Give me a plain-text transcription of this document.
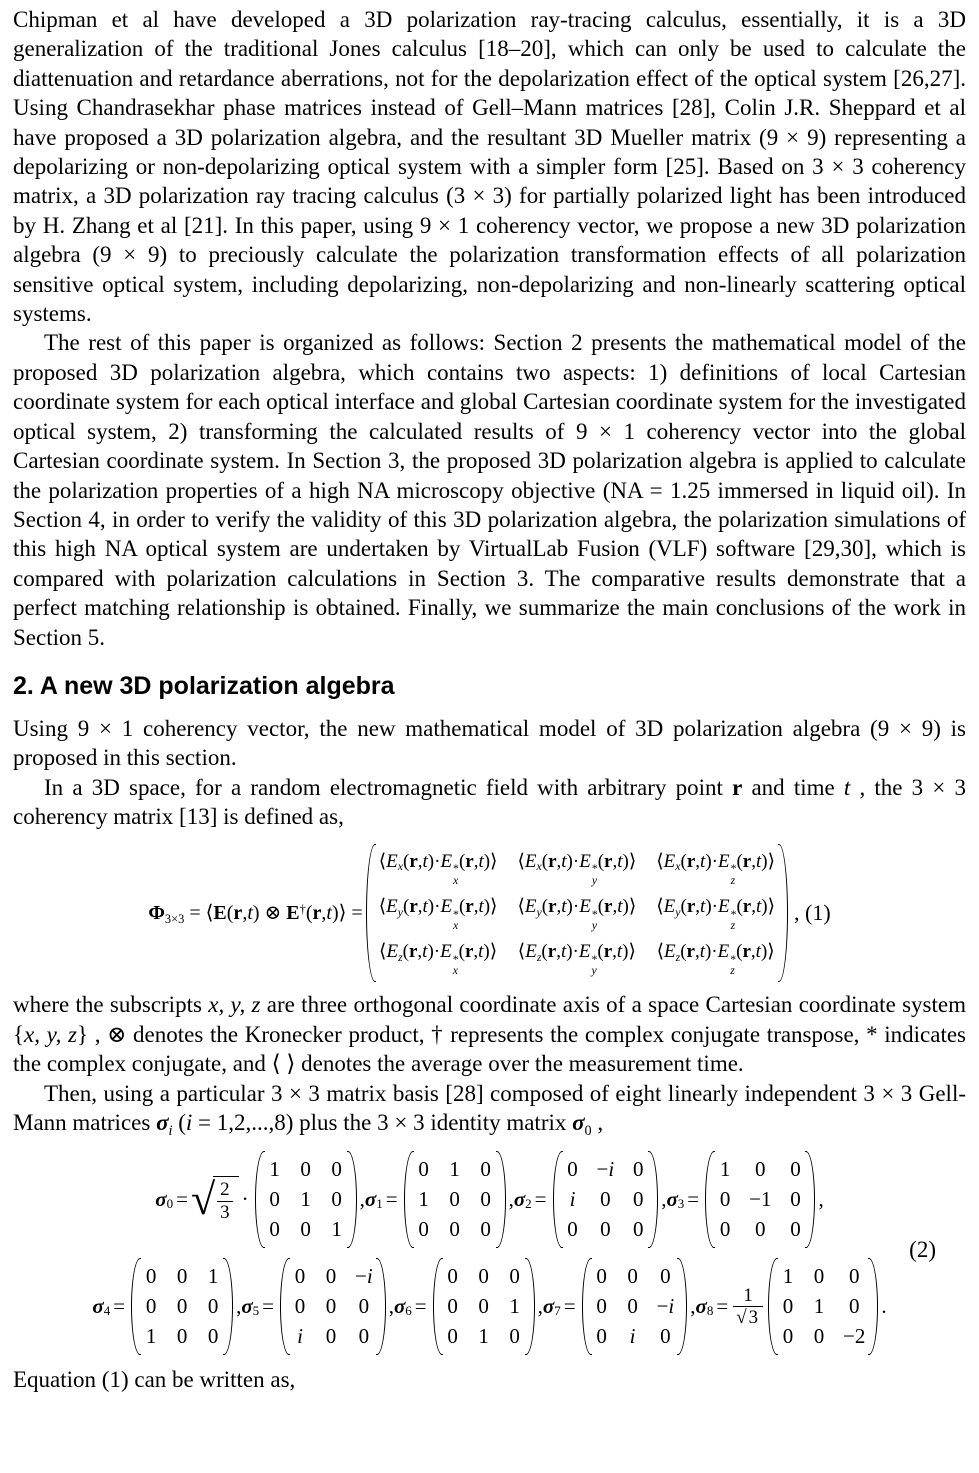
Chipman et al have developed a 3D polarization ray-tracing calculus, essentially, it is a 3D generalization of the traditional Jones calculus [18–20], which can only be used to calculate the diattenuation and retardance aberrations, not for the depolarization effect of the optical system [26,27]. Using Chandrasekhar phase matrices instead of Gell–Mann matrices [28], Colin J.R. Sheppard et al have proposed a 3D polarization algebra, and the resultant 3D Mueller matrix (9 × 9) representing a depolarizing or non-depolarizing optical system with a simpler form [25]. Based on 3 × 3 coherency matrix, a 3D polarization ray tracing calculus (3 × 3) for partially polarized light has been introduced by H. Zhang et al [21]. In this paper, using 9 × 1 coherency vector, we propose a new 3D polarization algebra (9 × 9) to preciously calculate the polarization transformation effects of all polarization sensitive optical system, including depolarizing, non-depolarizing and non-linearly scattering optical systems.

The rest of this paper is organized as follows: Section 2 presents the mathematical model of the proposed 3D polarization algebra, which contains two aspects: 1) definitions of local Cartesian coordinate system for each optical interface and global Cartesian coordinate system for the investigated optical system, 2) transforming the calculated results of 9 × 1 coherency vector into the global Cartesian coordinate system. In Section 3, the proposed 3D polarization algebra is applied to calculate the polarization properties of a high NA microscopy objective (NA = 1.25 immersed in liquid oil). In Section 4, in order to verify the validity of this 3D polarization algebra, the polarization simulations of this high NA optical system are undertaken by VirtualLab Fusion (VLF) software [29,30], which is compared with polarization calculations in Section 3. The comparative results demonstrate that a perfect matching relationship is obtained. Finally, we summarize the main conclusions of the work in Section 5.

2. A new 3D polarization algebra

Using 9 × 1 coherency vector, the new mathematical model of 3D polarization algebra (9 × 9) is proposed in this section.

In a 3D space, for a random electromagnetic field with arbitrary point r and time t , the 3 × 3 coherency matrix [13] is defined as,

$\Phi_{3\times 3}$ = ⟨E(r,t) ⊗ E†(r,t)⟩ =
$⟨E_x(r,t)\cdot E$ *
x
(r,t)⟩ $⟨E_x(r,t)\cdot E$ *
y
(r,t)⟩ $⟨E_x(r,t)\cdot E$ *
z
(r,t)⟩
$⟨E_y(r,t)\cdot E$ *
x
(r,t)⟩ $⟨E_y(r,t)\cdot E$ *
y
(r,t)⟩ $⟨E_y(r,t)\cdot E$ *
z
(r,t)⟩
$⟨E_z(r,t)\cdot E$ *
x
(r,t)⟩ $⟨E_z(r,t)\cdot E$ *
y
(r,t)⟩ $⟨E_z(r,t)\cdot E$ *
z
(r,t)⟩
, (1)

where the subscripts x, y, z are three orthogonal coordinate axis of a space Cartesian coordinate system {x, y, z} , ⊗ denotes the Kronecker product, † represents the complex conjugate transpose, * indicates the complex conjugate, and ⟨ ⟩ denotes the average over the measurement time.

Then, using a particular 3 × 3 matrix basis [28] composed of eight linearly independent 3 × 3 Gell-Mann matrices $\sigma_i$ (i = 1,2,...,8) plus the 3 × 3 identity matrix $\sigma_0$ ,

$\sigma_0$ = √ $\frac{2}{3}$ ·
1 0 0
0 1 0
0 0 1
, $\sigma_1$ =
0 1 0
1 0 0
0 0 0
, $\sigma_2$ =
0 −i 0
i 0 0
0 0 0
, $\sigma_3$ =
1 0 0
0 −1 0
0 0 0
,
$\sigma_4$ =
0 0 1
0 0 0
1 0 0
, $\sigma_5$ =
0 0 −i
0 0 0
i 0 0
, $\sigma_6$ =
0 0 0
0 0 1
0 1 0
, $\sigma_7$ =
0 0 0
0 0 −i
0 i 0
, $\sigma_8 = \frac{1}{√ 3}$
1 0 0
0 1 0
0 0 −2
.
(2)

Equation (1) can be written as,
